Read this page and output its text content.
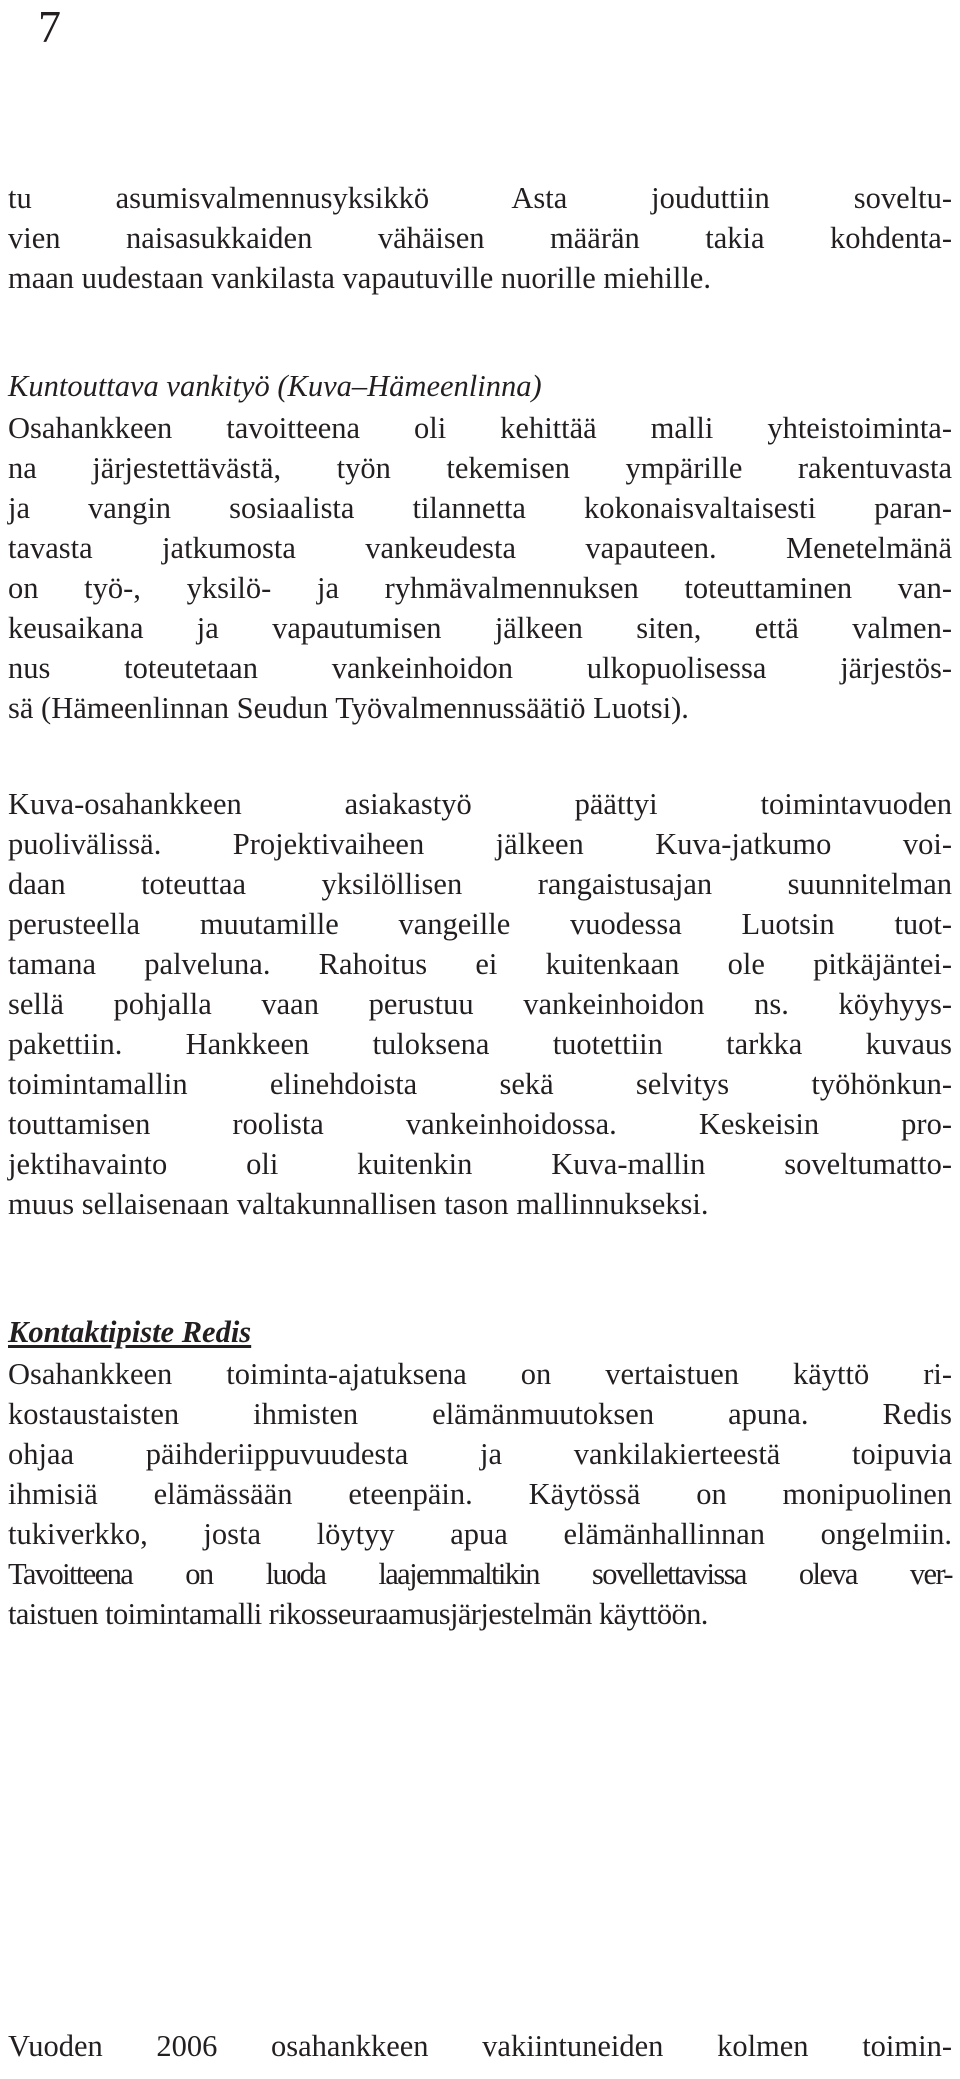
7
tu asumisvalmennusyksikkö Asta jouduttiin soveltu-
vien naisasukkaiden vähäisen määrän takia kohdenta-
maan uudestaan vankilasta vapautuville nuorille miehille.
Kuntouttava vankityö (Kuva–Hämeenlinna)
Osahankkeen tavoitteena oli kehittää malli yhteistoiminta-
na järjestettävästä, työn tekemisen ympärille rakentuvasta
ja vangin sosiaalista tilannetta kokonaisvaltaisesti paran-
tavasta jatkumosta vankeudesta vapauteen. Menetelmänä
on työ-, yksilö- ja ryhmävalmennuksen toteuttaminen van-
keusaikana ja vapautumisen jälkeen siten, että valmen-
nus toteutetaan vankeinhoidon ulkopuolisessa järjestös-
sä (Hämeenlinnan Seudun Työvalmennussäätiö Luotsi).
Kuva-osahankkeen asiakastyö päättyi toimintavuoden
puolivälissä. Projektivaiheen jälkeen Kuva-jatkumo voi-
daan toteuttaa yksilöllisen rangaistusajan suunnitelman
perusteella muutamille vangeille vuodessa Luotsin tuot-
tamana palveluna. Rahoitus ei kuitenkaan ole pitkäjäntei-
sellä pohjalla vaan perustuu vankeinhoidon ns. köyhyys-
pakettiin. Hankkeen tuloksena tuotettiin tarkka kuvaus
toimintamallin elinehdoista sekä selvitys työhönkun-
touttamisen roolista vankeinhoidossa. Keskeisin pro-
jektihavainto oli kuitenkin Kuva-mallin soveltumatto-
muus sellaisenaan valtakunnallisen tason mallinnukseksi.
Kontaktipiste Redis
Osahankkeen toiminta-ajatuksena on vertaistuen käyttö ri-
kostaustaisten ihmisten elämänmuutoksen apuna. Redis
ohjaa päihderiippuvuudesta ja vankilakierteestä toipuvia
ihmisiä elämässään eteenpäin. Käytössä on monipuolinen
tukiverkko, josta löytyy apua elämänhallinnan ongelmiin.
Tavoitteena on luoda laajemmaltikin sovellettavissa oleva ver-
taistuen toimintamalli rikosseuraamusjärjestelmän käyttöön.
Vuoden 2006 osahankkeen vakiintuneiden kolmen toimin-
